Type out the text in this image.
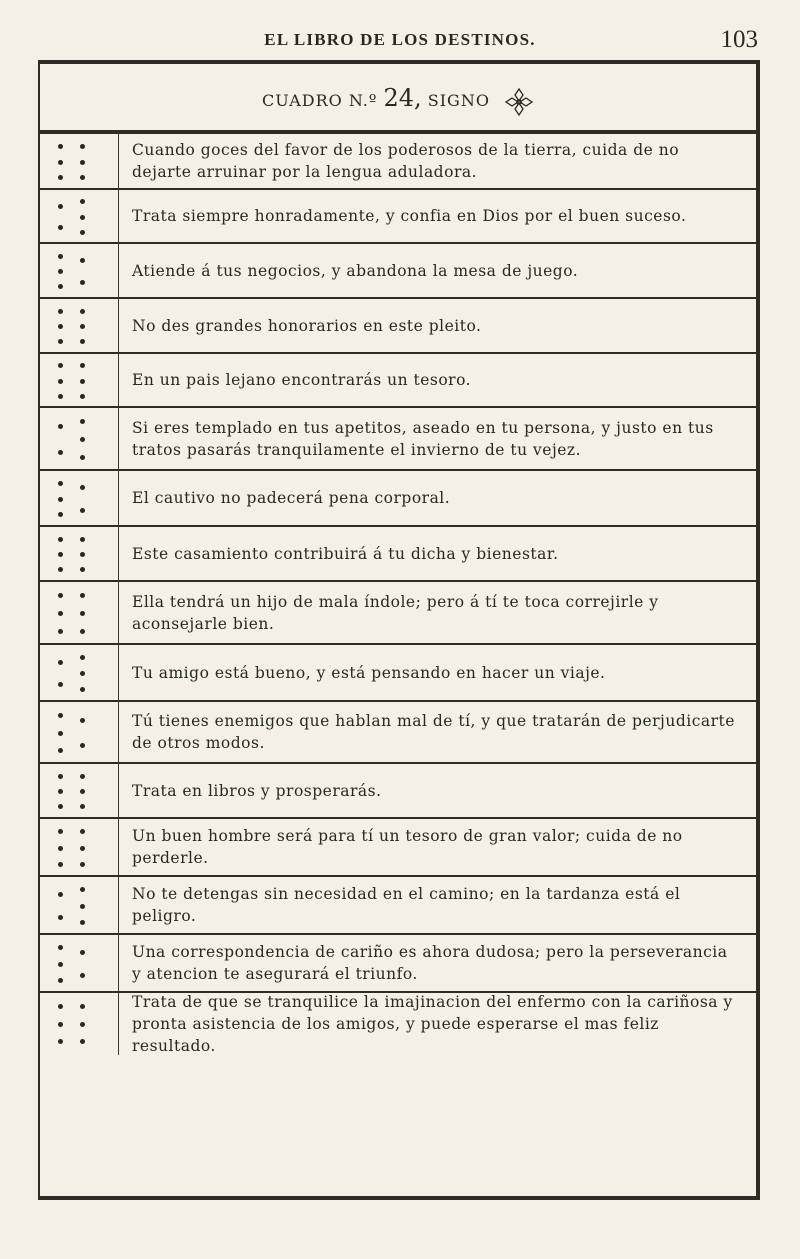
EL LIBRO DE LOS DESTINOS.	103
CUADRO N.º 24, SIGNO
Cuando goces del favor de los poderosos de la tierra, cuida de no dejarte arruinar por la lengua aduladora.
Trata siempre honradamente, y confia en Dios por el buen suceso.
Atiende á tus negocios, y abandona la mesa de juego.
No des grandes honorarios en este pleito.
En un pais lejano encontrarás un tesoro.
Si eres templado en tus apetitos, aseado en tu persona, y justo en tus tratos pasarás tranquilamente el invierno de tu vejez.
El cautivo no padecerá pena corporal.
Este casamiento contribuirá á tu dicha y bienestar.
Ella tendrá un hijo de mala índole; pero á tí te toca correjirle y aconsejarle bien.
Tu amigo está bueno, y está pensando en hacer un viaje.
Tú tienes enemigos que hablan mal de tí, y que tratarán de perjudicarte de otros modos.
Trata en libros y prosperarás.
Un buen hombre será para tí un tesoro de gran valor; cuida de no perderle.
No te detengas sin necesidad en el camino; en la tardanza está el peligro.
Una correspondencia de cariño es ahora dudosa; pero la perseverancia y atencion te asegurará el triunfo.
Trata de que se tranquilice la imajinacion del enfermo con la cariñosa y pronta asistencia de los amigos, y puede esperarse el mas feliz resultado.
